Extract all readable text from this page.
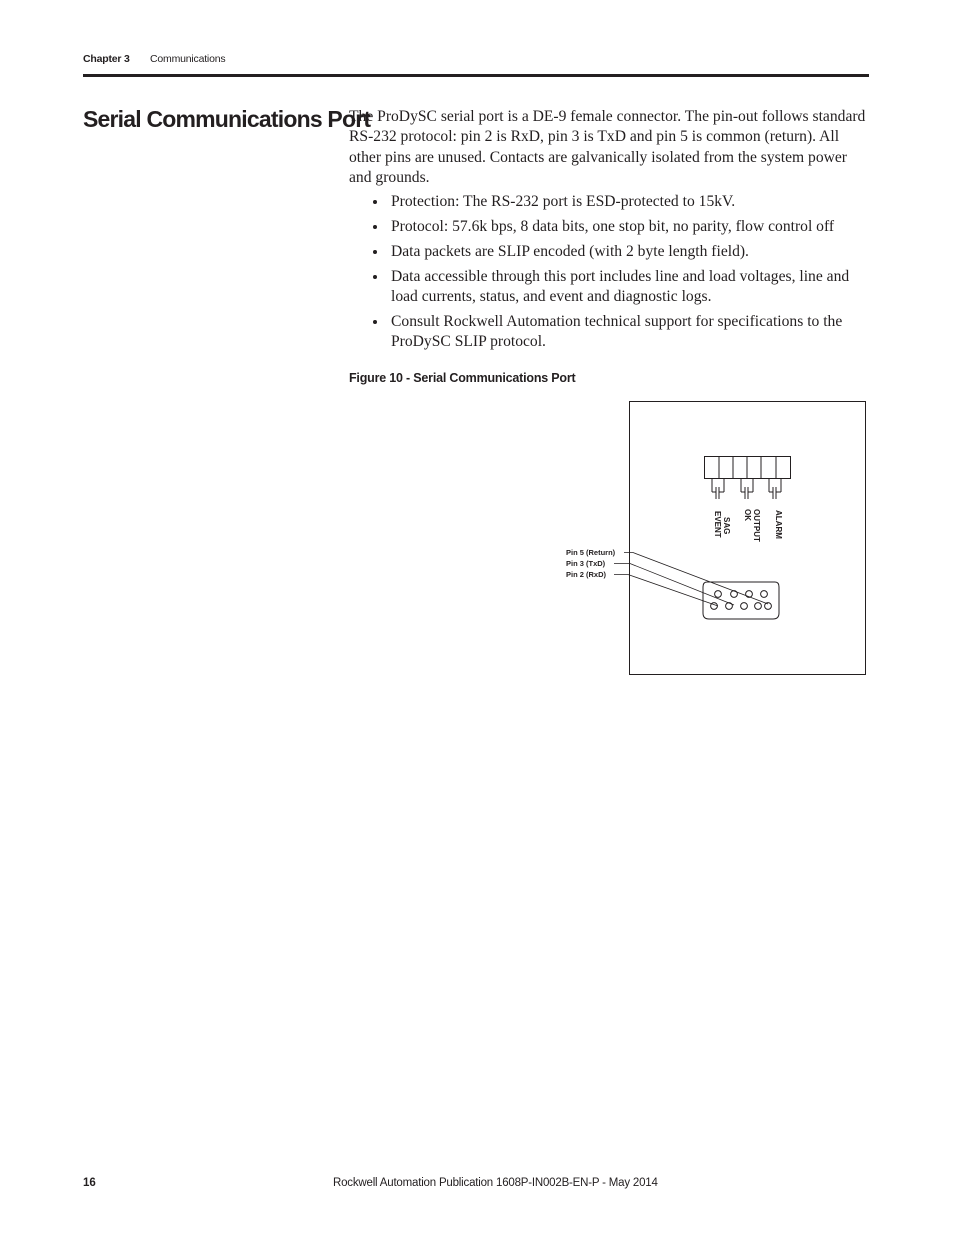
Chapter 3 Communications
Serial Communications Port

The ProDySC serial port is a DE-9 female connector. The pin-out follows standard RS-232 protocol: pin 2 is RxD, pin 3 is TxD and pin 5 is common (return). All other pins are unused. Contacts are galvanically isolated from the system power and grounds.

Protection: The RS-232 port is ESD-protected to 15kV.
Protocol: 57.6k bps, 8 data bits, one stop bit, no parity, flow control off
Data packets are SLIP encoded (with 2 byte length field).
Data accessible through this port includes line and load voltages, line and load currents, status, and event and diagnostic logs.
Consult Rockwell Automation technical support for specifications to the ProDySC SLIP protocol.
Figure 10 - Serial Communications Port
SAG
EVENT	OUTPUT
OK	ALARM
Pin 5 (Return)
Pin 3 (TxD)
Pin 2 (RxD)
16	Rockwell Automation Publication 1608P-IN002B-EN-P - May 2014
